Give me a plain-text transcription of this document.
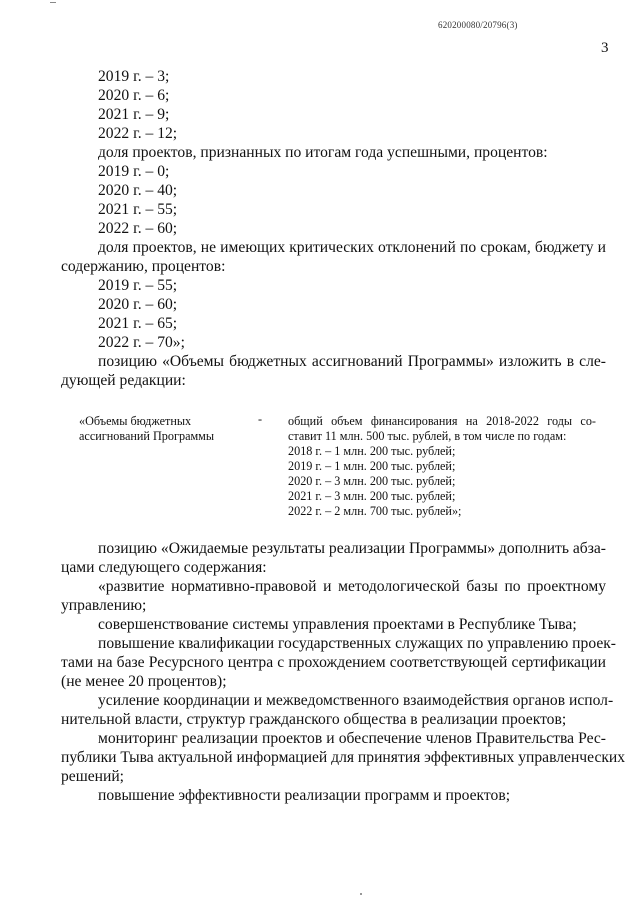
620200080/20796(3)
3
2019 г. – 3;
2020 г. – 6;
2021 г. – 9;
2022 г. – 12;
доля проектов, признанных по итогам года успешными, процентов:
2019 г. – 0;
2020 г. – 40;
2021 г. – 55;
2022 г. – 60;
доля проектов, не имеющих критических отклонений по срокам, бюджету и
содержанию, процентов:
2019 г. – 55;
2020 г. – 60;
2021 г. – 65;
2022 г. – 70»;
позицию «Объемы бюджетных ассигнований Программы» изложить в сле-
дующей редакции:
«Объемы бюджетных
ассигнований Программы
- общий объем финансирования на 2018-2022 годы со-
ставит 11 млн. 500 тыс. рублей, в том числе по годам:
2018 г. – 1 млн. 200 тыс. рублей;
2019 г. – 1 млн. 200 тыс. рублей;
2020 г. – 3 млн. 200 тыс. рублей;
2021 г. – 3 млн. 200 тыс. рублей;
2022 г. – 2 млн. 700 тыс. рублей»;
позицию «Ожидаемые результаты реализации Программы» дополнить абза-
цами следующего содержания:
«развитие нормативно-правовой и методологической базы по проектному
управлению;
совершенствование системы управления проектами в Республике Тыва;
повышение квалификации государственных служащих по управлению проек-
тами на базе Ресурсного центра с прохождением соответствующей сертификации
(не менее 20 процентов);
усиление координации и межведомственного взаимодействия органов испол-
нительной власти, структур гражданского общества в реализации проектов;
мониторинг реализации проектов и обеспечение членов Правительства Рес-
публики Тыва актуальной информацией для принятия эффективных управленческих
решений;
повышение эффективности реализации программ и проектов;
